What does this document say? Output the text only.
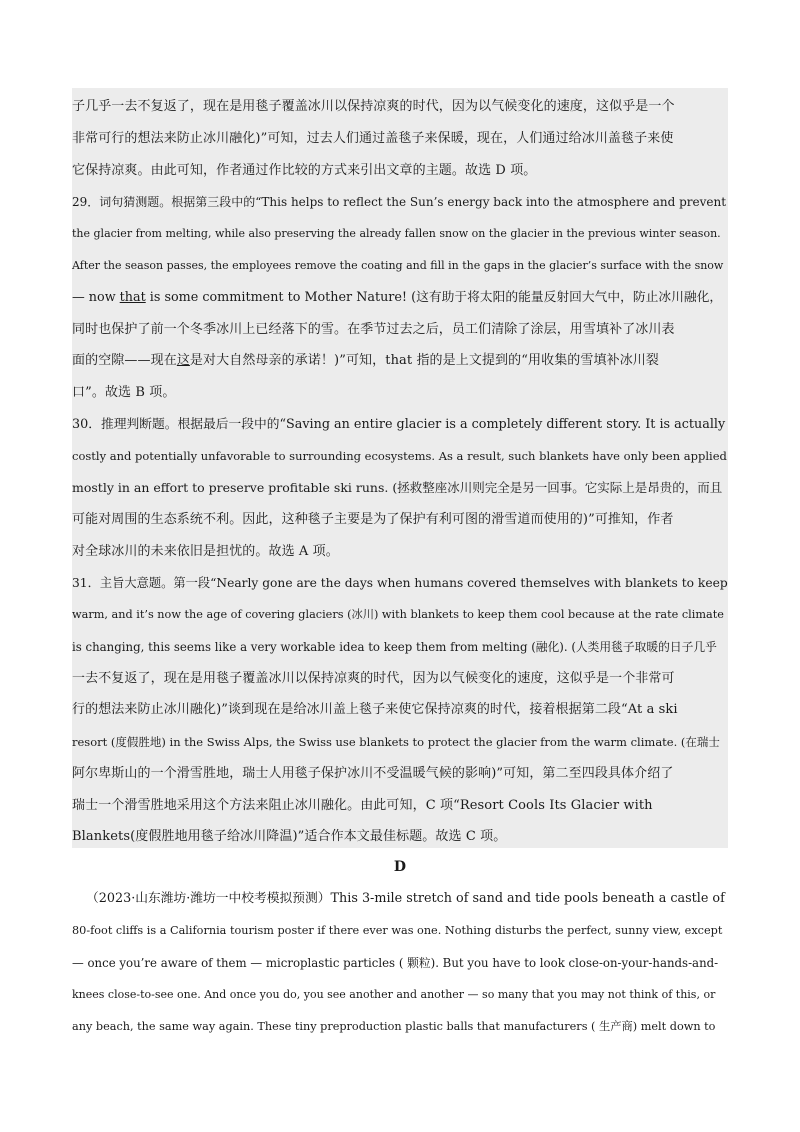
子几乎一去不复返了，现在是用毯子覆盖冰川以保持凉爽的时代，因为以气候变化的速度，这似乎是一个
非常可行的想法来防止冰川融化)”可知，过去人们通过盖毯子来保暖，现在，人们通过给冰川盖毯子来使
它保持凉爽。由此可知，作者通过作比较的方式来引出文章的主题。故选 D 项。
29．词句猜测题。根据第三段中的“This helps to reflect the Sun’s energy back into the atmosphere and prevent
the glacier from melting, while also preserving the already fallen snow on the glacier in the previous winter season.
After the season passes, the employees remove the coating and fill in the gaps in the glacier’s surface with the snow
— now that is some commitment to Mother Nature! (这有助于将太阳的能量反射回大气中，防止冰川融化，
同时也保护了前一个冬季冰川上已经落下的雪。在季节过去之后，员工们清除了涂层，用雪填补了冰川表
面的空隙——现在这是对大自然母亲的承诺！)”可知，that 指的是上文提到的“用收集的雪填补冰川裂
口”。故选 B 项。
30．推理判断题。根据最后一段中的“Saving an entire glacier is a completely different story. It is actually
costly and potentially unfavorable to surrounding ecosystems. As a result, such blankets have only been applied
mostly in an effort to preserve profitable ski runs. (拯救整座冰川则完全是另一回事。它实际上是昂贵的，而且
可能对周围的生态系统不利。因此，这种毯子主要是为了保护有利可图的滑雪道而使用的)”可推知，作者
对全球冰川的未来依旧是担忧的。故选 A 项。
31．主旨大意题。第一段“Nearly gone are the days when humans covered themselves with blankets to keep
warm, and it’s now the age of covering glaciers (冰川) with blankets to keep them cool because at the rate climate
is changing, this seems like a very workable idea to keep them from melting (融化). (人类用毯子取暖的日子几乎
一去不复返了，现在是用毯子覆盖冰川以保持凉爽的时代，因为以气候变化的速度，这似乎是一个非常可
行的想法来防止冰川融化)”谈到现在是给冰川盖上毯子来使它保持凉爽的时代，接着根据第二段“At a ski
resort (度假胜地) in the Swiss Alps, the Swiss use blankets to protect the glacier from the warm climate. (在瑞士
阿尔卑斯山的一个滑雪胜地，瑞士人用毯子保护冰川不受温暖气候的影响)”可知，第二至四段具体介绍了
瑞士一个滑雪胜地采用这个方法来阻止冰川融化。由此可知，C 项“Resort Cools Its Glacier with
Blankets(度假胜地用毯子给冰川降温)”适合作本文最佳标题。故选 C 项。
D
（2023·山东潍坊·潍坊一中校考模拟预测）This 3-mile stretch of sand and tide pools beneath a castle of
80-foot cliffs is a California tourism poster if there ever was one. Nothing disturbs the perfect, sunny view, except
— once you’re aware of them — microplastic particles ( 颗粒). But you have to look close-on-your-hands-and-
knees close-to-see one. And once you do, you see another and another — so many that you may not think of this, or
any beach, the same way again. These tiny preproduction plastic balls that manufacturers ( 生产商) melt down to
